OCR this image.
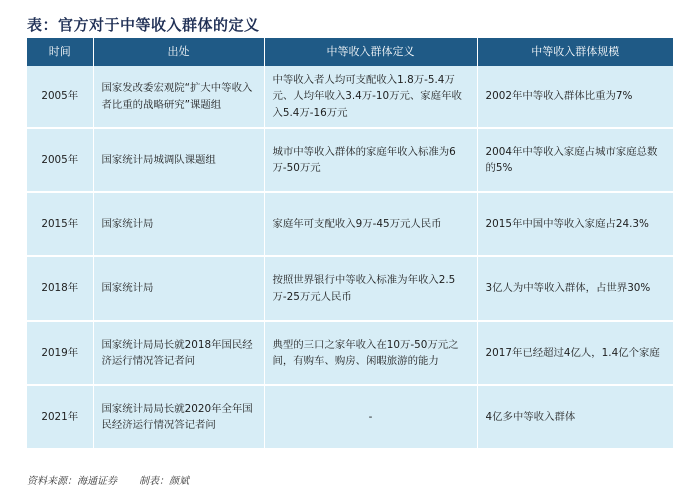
表：官方对于中等收入群体的定义
时间	出处	中等收入群体定义	中等收入群体规模
2005年	国家发改委宏观院“扩大中等收入者比重的战略研究”课题组	中等收入者人均可支配收入1.8万-5.4万元、人均年收入3.4万-10万元、家庭年收入5.4万-16万元	2002年中等收入群体比重为7%
2005年	国家统计局城调队课题组	城市中等收入群体的家庭年收入标准为6万-50万元	2004年中等收入家庭占城市家庭总数的5%
2015年	国家统计局	家庭年可支配收入9万-45万元人民币	2015年中国中等收入家庭占24.3%
2018年	国家统计局	按照世界银行中等收入标准为年收入2.5万-25万元人民币	3亿人为中等收入群体，占世界30%
2019年	国家统计局局长就2018年国民经济运行情况答记者问	典型的三口之家年收入在10万-50万元之间，有购车、购房、闲暇旅游的能力	2017年已经超过4亿人，1.4亿个家庭
2021年	国家统计局局长就2020年全年国民经济运行情况答记者问	-	4亿多中等收入群体
资料来源：海通证券 制表：颜斌
